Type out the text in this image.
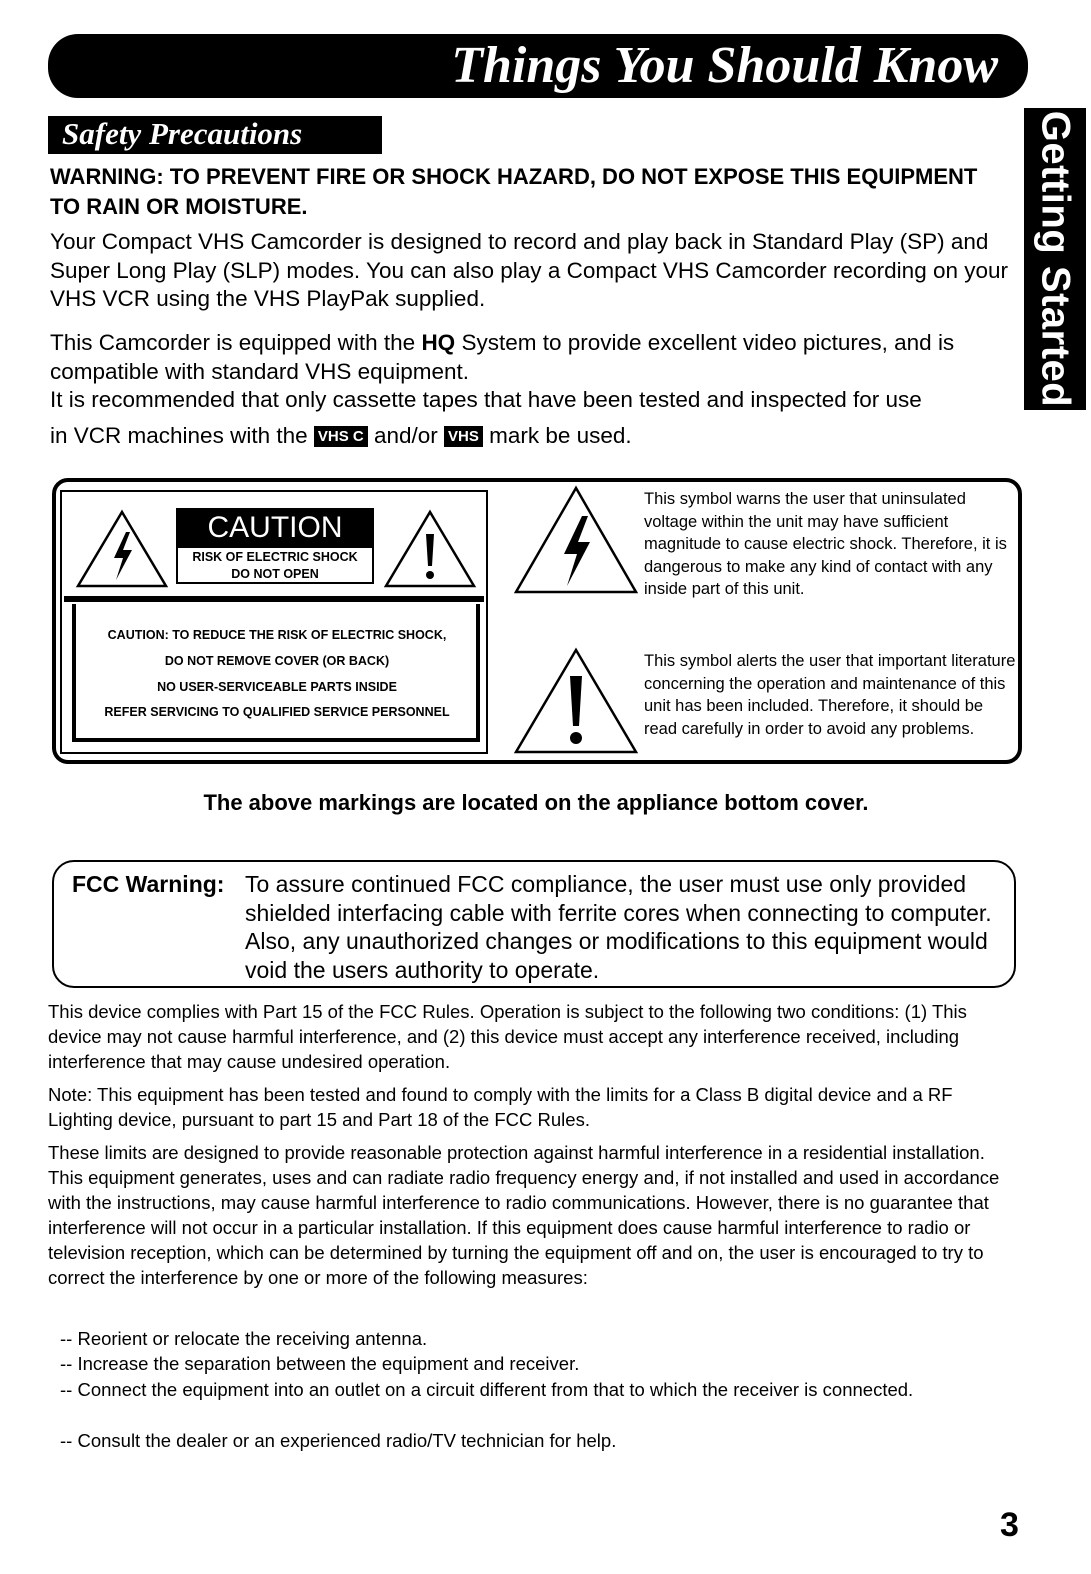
Things You Should Know
Getting Started
Safety Precautions
WARNING: TO PREVENT FIRE OR SHOCK HAZARD, DO NOT EXPOSE THIS EQUIPMENT TO RAIN OR MOISTURE.
Your Compact VHS Camcorder is designed to record and play back in Standard Play (SP) and Super Long Play (SLP) modes. You can also play a Compact VHS Camcorder recording on your VHS VCR using the VHS PlayPak supplied.
This Camcorder is equipped with the HQ System to provide excellent video pictures, and is compatible with standard VHS equipment.
It is recommended that only cassette tapes that have been tested and inspected for use
in VCR machines with the VHS C and/or VHS mark be used.
CAUTION
RISK OF ELECTRIC SHOCK
DO NOT OPEN
CAUTION: TO REDUCE THE RISK OF ELECTRIC SHOCK,
DO NOT REMOVE COVER (OR BACK)
NO USER-SERVICEABLE PARTS INSIDE
REFER SERVICING TO QUALIFIED SERVICE PERSONNEL
This symbol warns the user that uninsulated voltage within the unit may have sufficient magnitude to cause electric shock. Therefore, it is dangerous to make any kind of contact with any inside part of this unit.
This symbol alerts the user that important literature concerning the operation and maintenance of this unit has been included. Therefore, it should be read carefully in order to avoid any problems.
The above markings are located on the appliance bottom cover.
FCC Warning: To assure continued FCC compliance, the user must use only provided shielded interfacing cable with ferrite cores when connecting to computer. Also, any unauthorized changes or modifications to this equipment would void the users authority to operate.
This device complies with Part 15 of the FCC Rules. Operation is subject to the following two conditions: (1) This device may not cause harmful interference, and (2) this device must accept any interference received, including interference that may cause undesired operation.
Note: This equipment has been tested and found to comply with the limits for a Class B digital device and a RF Lighting device, pursuant to part 15 and Part 18 of the FCC Rules.
These limits are designed to provide reasonable protection against harmful interference in a residential installation. This equipment generates, uses and can radiate radio frequency energy and, if not installed and used in accordance with the instructions, may cause harmful interference to radio communications. However, there is no guarantee that interference will not occur in a particular installation. If this equipment does cause harmful interference to radio or television reception, which can be determined by turning the equipment off and on, the user is encouraged to try to correct the interference by one or more of the following measures:
-- Reorient or relocate the receiving antenna.
-- Increase the separation between the equipment and receiver.
-- Connect the equipment into an outlet on a circuit different from that to which the receiver is connected.
-- Consult the dealer or an experienced radio/TV technician for help.
3
